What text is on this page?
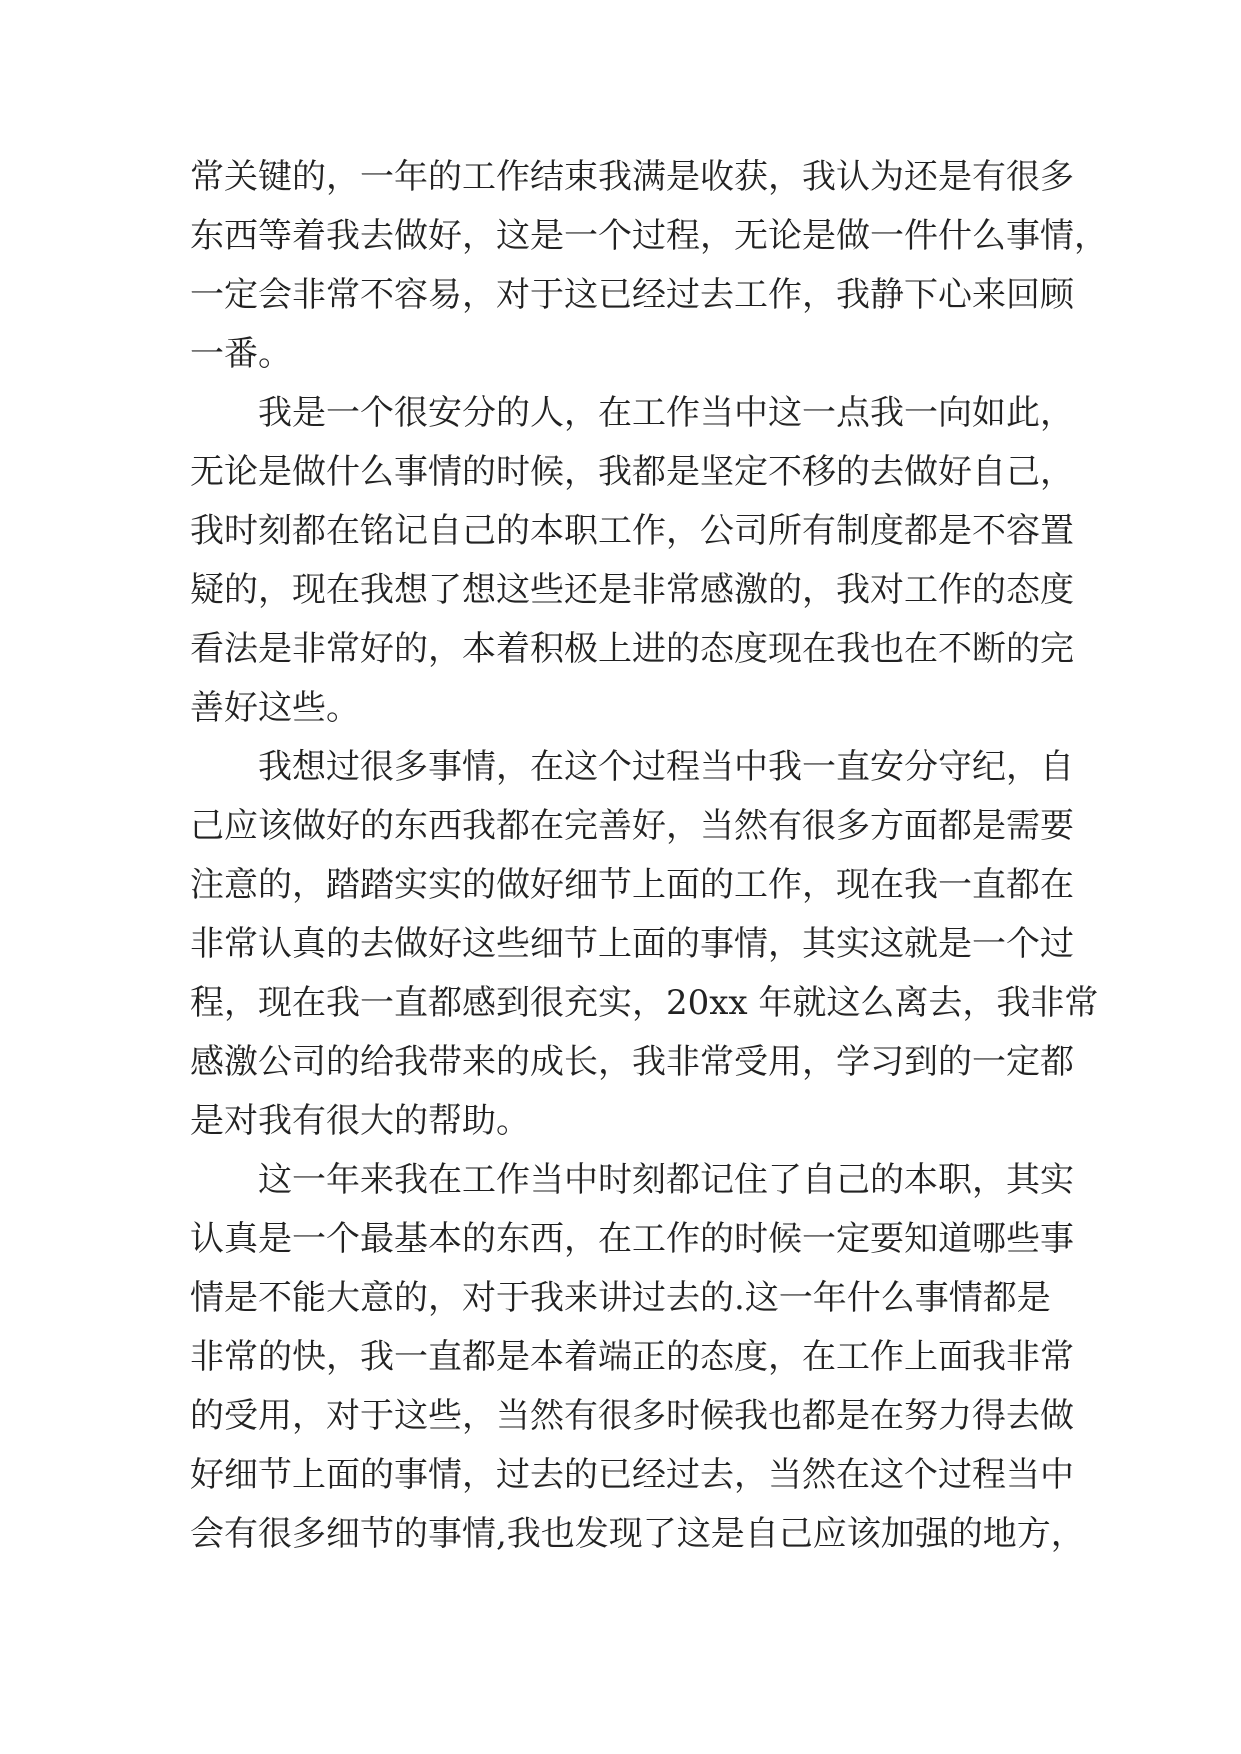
常关键的，一年的工作结束我满是收获，我认为还是有很多
东西等着我去做好，这是一个过程，无论是做一件什么事情，
一定会非常不容易，对于这已经过去工作，我静下心来回顾
一番。
　　我是一个很安分的人，在工作当中这一点我一向如此，
无论是做什么事情的时候，我都是坚定不移的去做好自己，
我时刻都在铭记自己的本职工作，公司所有制度都是不容置
疑的，现在我想了想这些还是非常感激的，我对工作的态度
看法是非常好的，本着积极上进的态度现在我也在不断的完
善好这些。
　　我想过很多事情，在这个过程当中我一直安分守纪，自
己应该做好的东西我都在完善好，当然有很多方面都是需要
注意的，踏踏实实的做好细节上面的工作，现在我一直都在
非常认真的去做好这些细节上面的事情，其实这就是一个过
程，现在我一直都感到很充实，20xx 年就这么离去，我非常
感激公司的给我带来的成长，我非常受用，学习到的一定都
是对我有很大的帮助。
　　这一年来我在工作当中时刻都记住了自己的本职，其实
认真是一个最基本的东西，在工作的时候一定要知道哪些事
情是不能大意的，对于我来讲过去的.这一年什么事情都是
非常的快，我一直都是本着端正的态度，在工作上面我非常
的受用，对于这些，当然有很多时候我也都是在努力得去做
好细节上面的事情，过去的已经过去，当然在这个过程当中
会有很多细节的事情,我也发现了这是自己应该加强的地方，
